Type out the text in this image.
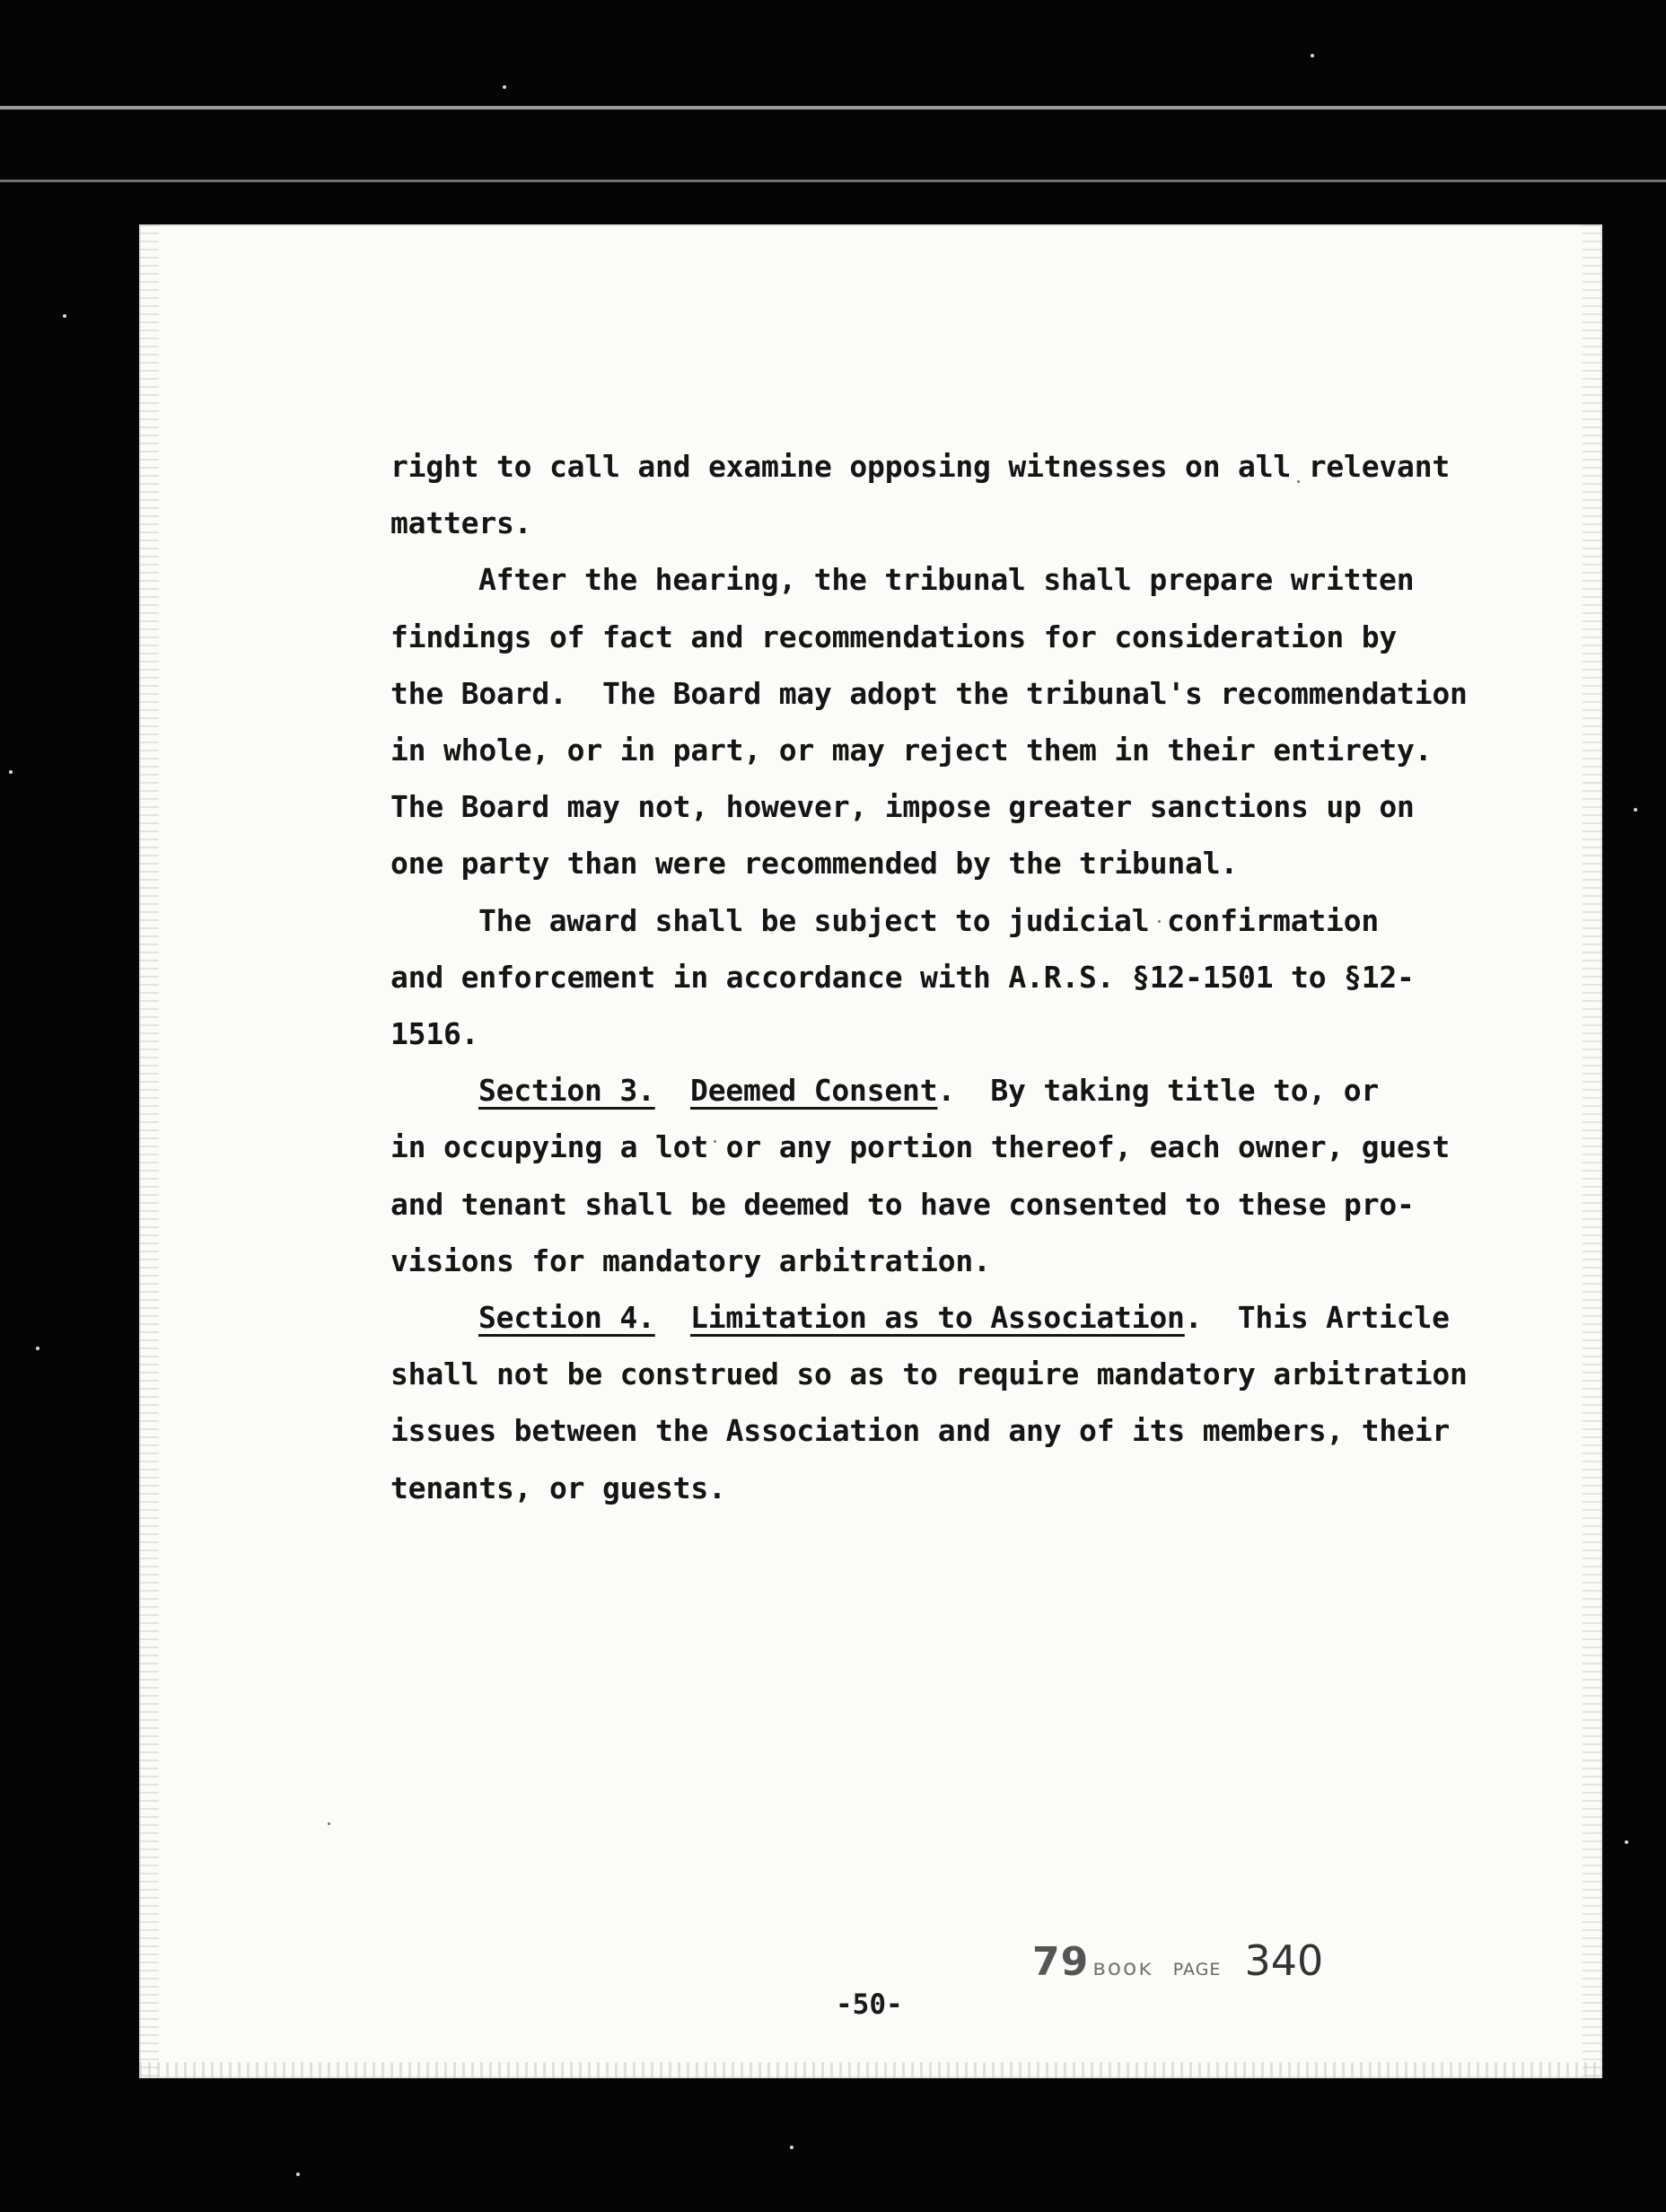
right to call and examine opposing witnesses on all relevant

matters.

After the hearing, the tribunal shall prepare written

findings of fact and recommendations for consideration by

the Board.  The Board may adopt the tribunal's recommendation

in whole, or in part, or may reject them in their entirety.

The Board may not, however, impose greater sanctions up on

one party than were recommended by the tribunal.

The award shall be subject to judicial confirmation

and enforcement in accordance with A.R.S. §12-1501 to §12-

1516.

Section 3. Deemed Consent.  By taking title to, or

in occupying a lot or any portion thereof, each owner, guest

and tenant shall be deemed to have consented to these pro-

visions for mandatory arbitration.

Section 4. Limitation as to Association.  This Article

shall not be construed so as to require mandatory arbitration

issues between the Association and any of its members, their

tenants, or guests.

79 ʙᴏᴏᴋ PAGE 340
-50-
